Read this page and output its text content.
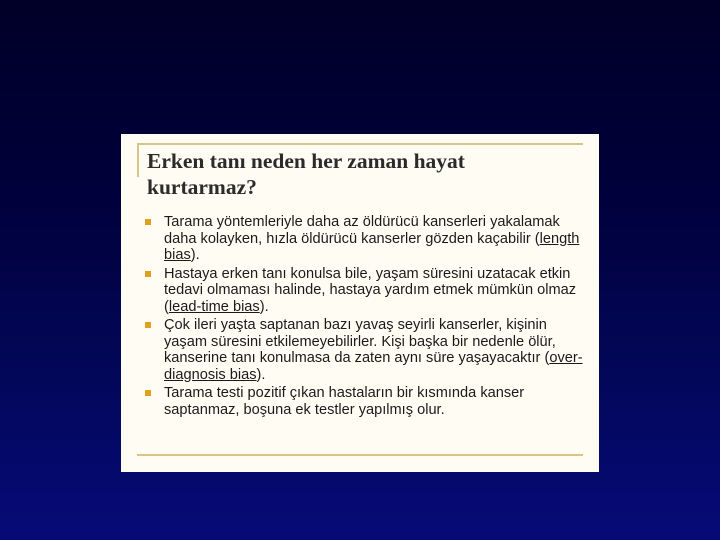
Erken tanı neden her zaman hayat kurtarmaz?
Tarama yöntemleriyle daha az öldürücü kanserleri yakalamak daha kolayken, hızla öldürücü kanserler gözden kaçabilir (length bias).
Hastaya erken tanı konulsa bile, yaşam süresini uzatacak etkin tedavi olmaması halinde, hastaya yardım etmek mümkün olmaz (lead-time bias).
Çok ileri yaşta saptanan bazı yavaş seyirli kanserler, kişinin yaşam süresini etkilemeyebilirler. Kişi başka bir nedenle ölür, kanserine tanı konulmasa da zaten aynı süre yaşayacaktır (over-diagnosis bias).
Tarama testi pozitif çıkan hastaların bir kısmında kanser saptanmaz, boşuna ek testler yapılmış olur.
